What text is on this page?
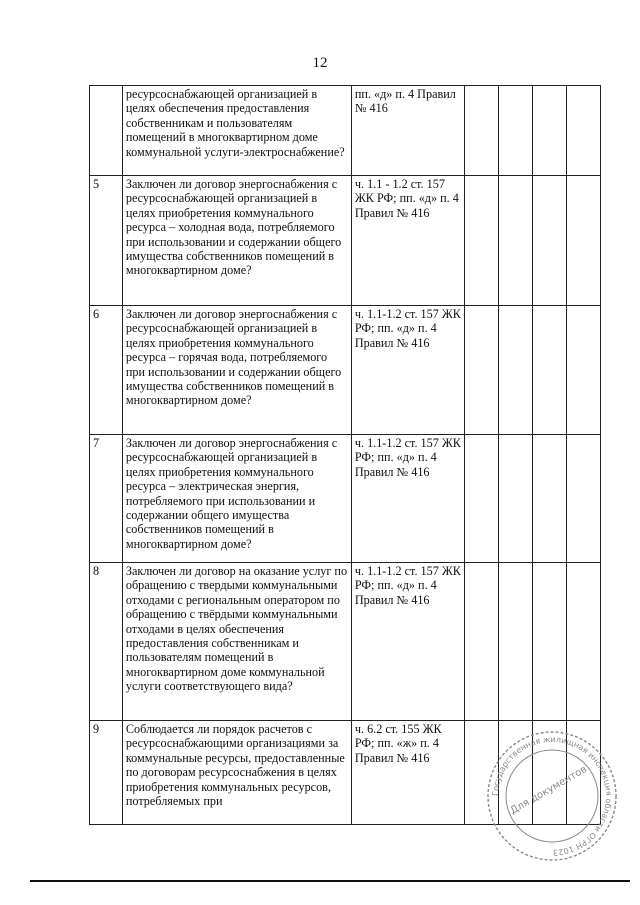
12
	ресурсоснабжающей организацией в целях обеспечения предоставления собственникам и пользователям помещений в многоквартирном доме коммунальной услуги-электроснабжение?	пп. «д» п. 4 Правил № 416				
5	Заключен ли договор энергоснабжения с ресурсоснабжающей организацией в целях приобретения коммунального ресурса – холодная вода, потребляемого при использовании и содержании общего имущества собственников помещений в многоквартирном доме?	ч. 1.1 - 1.2 ст. 157 ЖК РФ; пп. «д» п. 4 Правил № 416				
6	Заключен ли договор энергоснабжения с ресурсоснабжающей организацией в целях приобретения коммунального ресурса – горячая вода, потребляемого при использовании и содержании общего имущества собственников помещений в многоквартирном доме?	ч. 1.1-1.2 ст. 157 ЖК РФ; пп. «д» п. 4 Правил № 416				
7	Заключен ли договор энергоснабжения с ресурсоснабжающей организацией в целях приобретения коммунального ресурса – электрическая энергия, потребляемого при использовании и содержании общего имущества собственников помещений в многоквартирном доме?	ч. 1.1-1.2 ст. 157 ЖК РФ; пп. «д» п. 4 Правил № 416				
8	Заключен ли договор на оказание услуг по обращению с твердыми коммунальными отходами с региональным оператором по обращению с твёрдыми коммунальными отходами в целях обеспечения предоставления собственникам и пользователям помещений в многоквартирном доме коммунальной услуги соответствующего вида?	ч. 1.1-1.2 ст. 157 ЖК РФ; пп. «д» п. 4 Правил № 416				
9	Соблюдается ли порядок расчетов с ресурсоснабжающими организациями за коммунальные ресурсы, предоставленные по договорам ресурсоснабжения в целях приобретения коммунальных ресурсов, потребляемых при	ч. 6.2 ст. 155 ЖК РФ; пп. «ж» п. 4 Правил № 416				
Государственная жилищная инспекция области ОГРН 1023
Для документов
